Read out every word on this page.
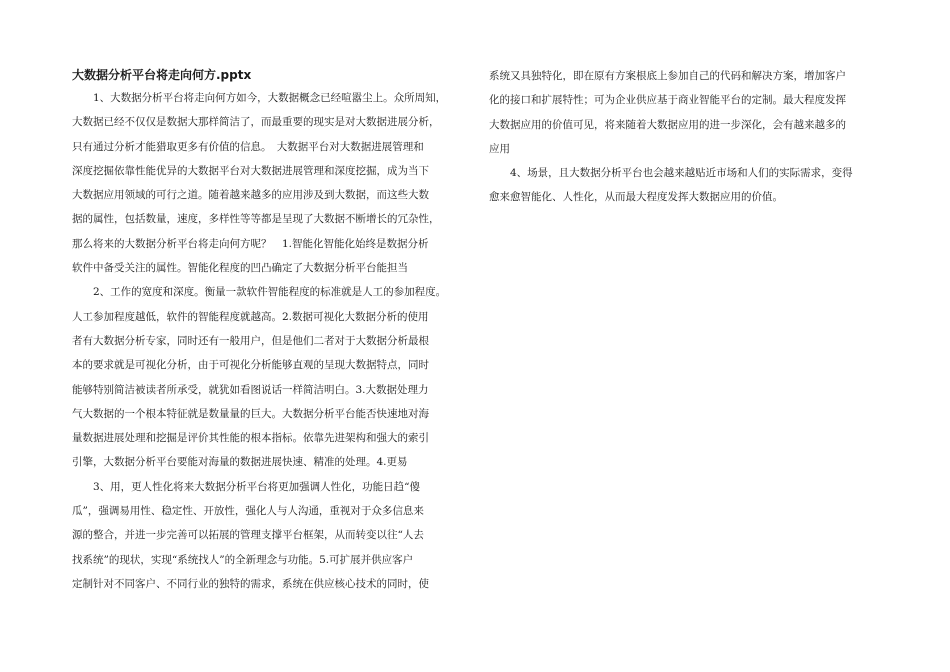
大数据分析平台将走向何方.pptx
1、大数据分析平台将走向何方如今，大数据概念已经喧嚣尘上。众所周知，
大数据已经不仅仅是数据大那样简洁了，而最重要的现实是对大数据进展分析，
只有通过分析才能猎取更多有价值的信息。　大数据平台对大数据进展管理和
深度挖掘依靠性能优异的大数据平台对大数据进展管理和深度挖掘，成为当下
大数据应用领域的可行之道。随着越来越多的应用涉及到大数据，而这些大数
据的属性，包括数量，速度，多样性等等都是呈现了大数据不断增长的冗杂性，
那么将来的大数据分析平台将走向何方呢？　1.智能化智能化始终是数据分析
软件中备受关注的属性。智能化程度的凹凸确定了大数据分析平台能担当
2、工作的宽度和深度。衡量一款软件智能程度的标准就是人工的参加程度。
人工参加程度越低，软件的智能程度就越高。2.数据可视化大数据分析的使用
者有大数据分析专家，同时还有一般用户，但是他们二者对于大数据分析最根
本的要求就是可视化分析，由于可视化分析能够直观的呈现大数据特点，同时
能够特别简洁被读者所承受，就犹如看图说话一样简洁明白。3.大数据处理力
气大数据的一个根本特征就是数量量的巨大。大数据分析平台能否快速地对海
量数据进展处理和挖掘是评价其性能的根本指标。依靠先进架构和强大的索引
引擎，大数据分析平台要能对海量的数据进展快速、精准的处理。4.更易
3、用，更人性化将来大数据分析平台将更加强调人性化，功能日趋“傻
瓜”，强调易用性、稳定性、开放性，强化人与人沟通，重视对于众多信息来
源的整合，并进一步完善可以拓展的管理支撑平台框架，从而转变以往“人去
找系统”的现状，实现“系统找人”的全新理念与功能。5.可扩展并供应客户
定制针对不同客户、不同行业的独特的需求，系统在供应核心技术的同时，使
系统又具独特化，即在原有方案根底上参加自己的代码和解决方案，增加客户
化的接口和扩展特性；可为企业供应基于商业智能平台的定制。最大程度发挥
大数据应用的价值可见，将来随着大数据应用的进一步深化，会有越来越多的
应用
4、场景，且大数据分析平台也会越来越贴近市场和人们的实际需求，变得
愈来愈智能化、人性化，从而最大程度发挥大数据应用的价值。
